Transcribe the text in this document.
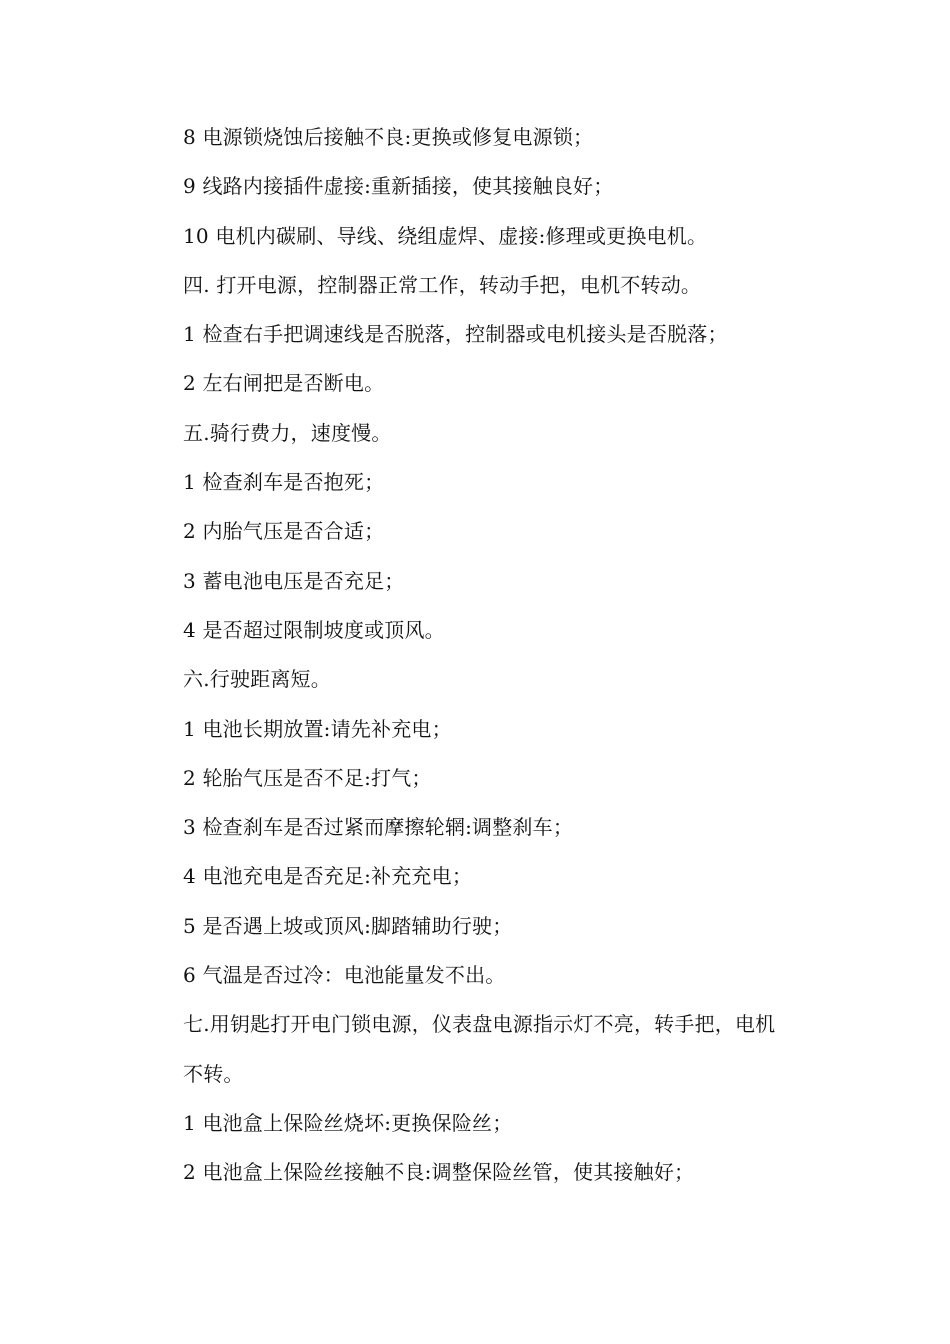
8 电源锁烧蚀后接触不良:更换或修复电源锁；
9 线路内接插件虚接:重新插接，使其接触良好；
10 电机内碳刷、导线、绕组虚焊、虚接:修理或更换电机。
四. 打开电源，控制器正常工作，转动手把，电机不转动。
1 检查右手把调速线是否脱落，控制器或电机接头是否脱落；
2 左右闸把是否断电。
五.骑行费力，速度慢。
1 检查刹车是否抱死；
2 内胎气压是否合适；
3 蓄电池电压是否充足；
4 是否超过限制坡度或顶风。
六.行驶距离短。
1 电池长期放置:请先补充电；
2 轮胎气压是否不足:打气；
3 检查刹车是否过紧而摩擦轮辋:调整刹车；
4 电池充电是否充足:补充充电；
5 是否遇上坡或顶风:脚踏辅助行驶；
6 气温是否过冷：电池能量发不出。
七.用钥匙打开电门锁电源，仪表盘电源指示灯不亮，转手把，电机
不转。
1 电池盒上保险丝烧坏:更换保险丝；
2 电池盒上保险丝接触不良:调整保险丝管，使其接触好；
